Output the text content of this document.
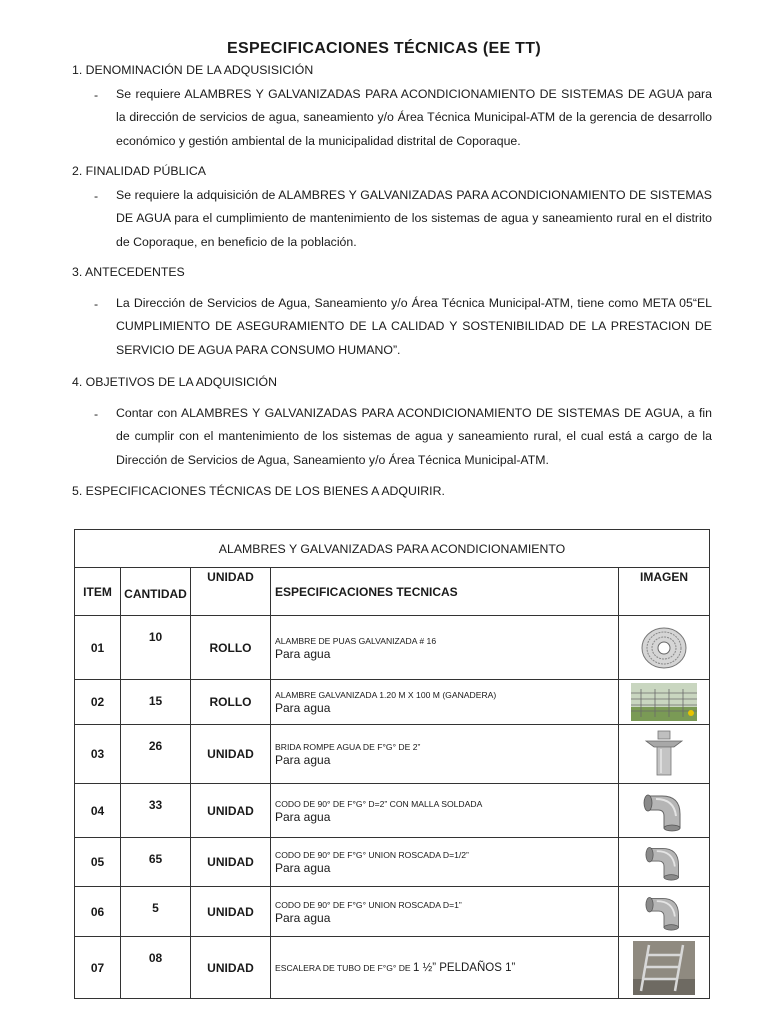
ESPECIFICACIONES TÉCNICAS (EE TT)
1. DENOMINACIÓN DE LA ADQUSISICIÓN
- Se requiere ALAMBRES Y GALVANIZADAS PARA ACONDICIONAMIENTO DE SISTEMAS DE AGUA para la dirección de servicios de agua, saneamiento y/o Área Técnica Municipal-ATM de la gerencia de desarrollo económico y gestión ambiental de la municipalidad distrital de Coporaque.
2. FINALIDAD PÚBLICA
- Se requiere la adquisición de ALAMBRES Y GALVANIZADAS PARA ACONDICIONAMIENTO DE SISTEMAS DE AGUA para el cumplimiento de mantenimiento de los sistemas de agua y saneamiento rural en el distrito de Coporaque, en beneficio de la población.
3. ANTECEDENTES
- La Dirección de Servicios de Agua, Saneamiento y/o Área Técnica Municipal-ATM, tiene como META 05“EL CUMPLIMIENTO DE ASEGURAMIENTO DE LA CALIDAD Y SOSTENIBILIDAD DE LA PRESTACION DE SERVICIO DE AGUA PARA CONSUMO HUMANO”.
4. OBJETIVOS DE LA ADQUISICIÓN
- Contar con ALAMBRES Y GALVANIZADAS PARA ACONDICIONAMIENTO DE SISTEMAS DE AGUA, a fin de cumplir con el mantenimiento de los sistemas de agua y saneamiento rural, el cual está a cargo de la Dirección de Servicios de Agua, Saneamiento y/o Área Técnica Municipal-ATM.
5. ESPECIFICACIONES TÉCNICAS DE LOS BIENES A ADQUIRIR.
ALAMBRES Y GALVANIZADAS PARA ACONDICIONAMIENTO				
ITEM	CANTIDAD	UNIDAD	ESPECIFICACIONES TECNICAS	IMAGEN
01	10	ROLLO	ALAMBRE DE PUAS GALVANIZADA # 16
Para agua

02	15	ROLLO	ALAMBRE GALVANIZADA 1.20 M X 100 M (GANADERA)
Para agua

03	26	UNIDAD	BRIDA ROMPE AGUA DE F°G° DE 2”
Para agua

04	33	UNIDAD	CODO DE 90° DE F°G° D=2” CON MALLA SOLDADA
Para agua

05	65	UNIDAD	CODO DE 90° DE F°G° UNION ROSCADA D=1/2”
Para agua

06	5	UNIDAD	CODO DE 90° DE F°G° UNION ROSCADA D=1”
Para agua

07	08	UNIDAD	ESCALERA DE TUBO DE F°G° DE 1 ½” PELDAÑOS 1”	
